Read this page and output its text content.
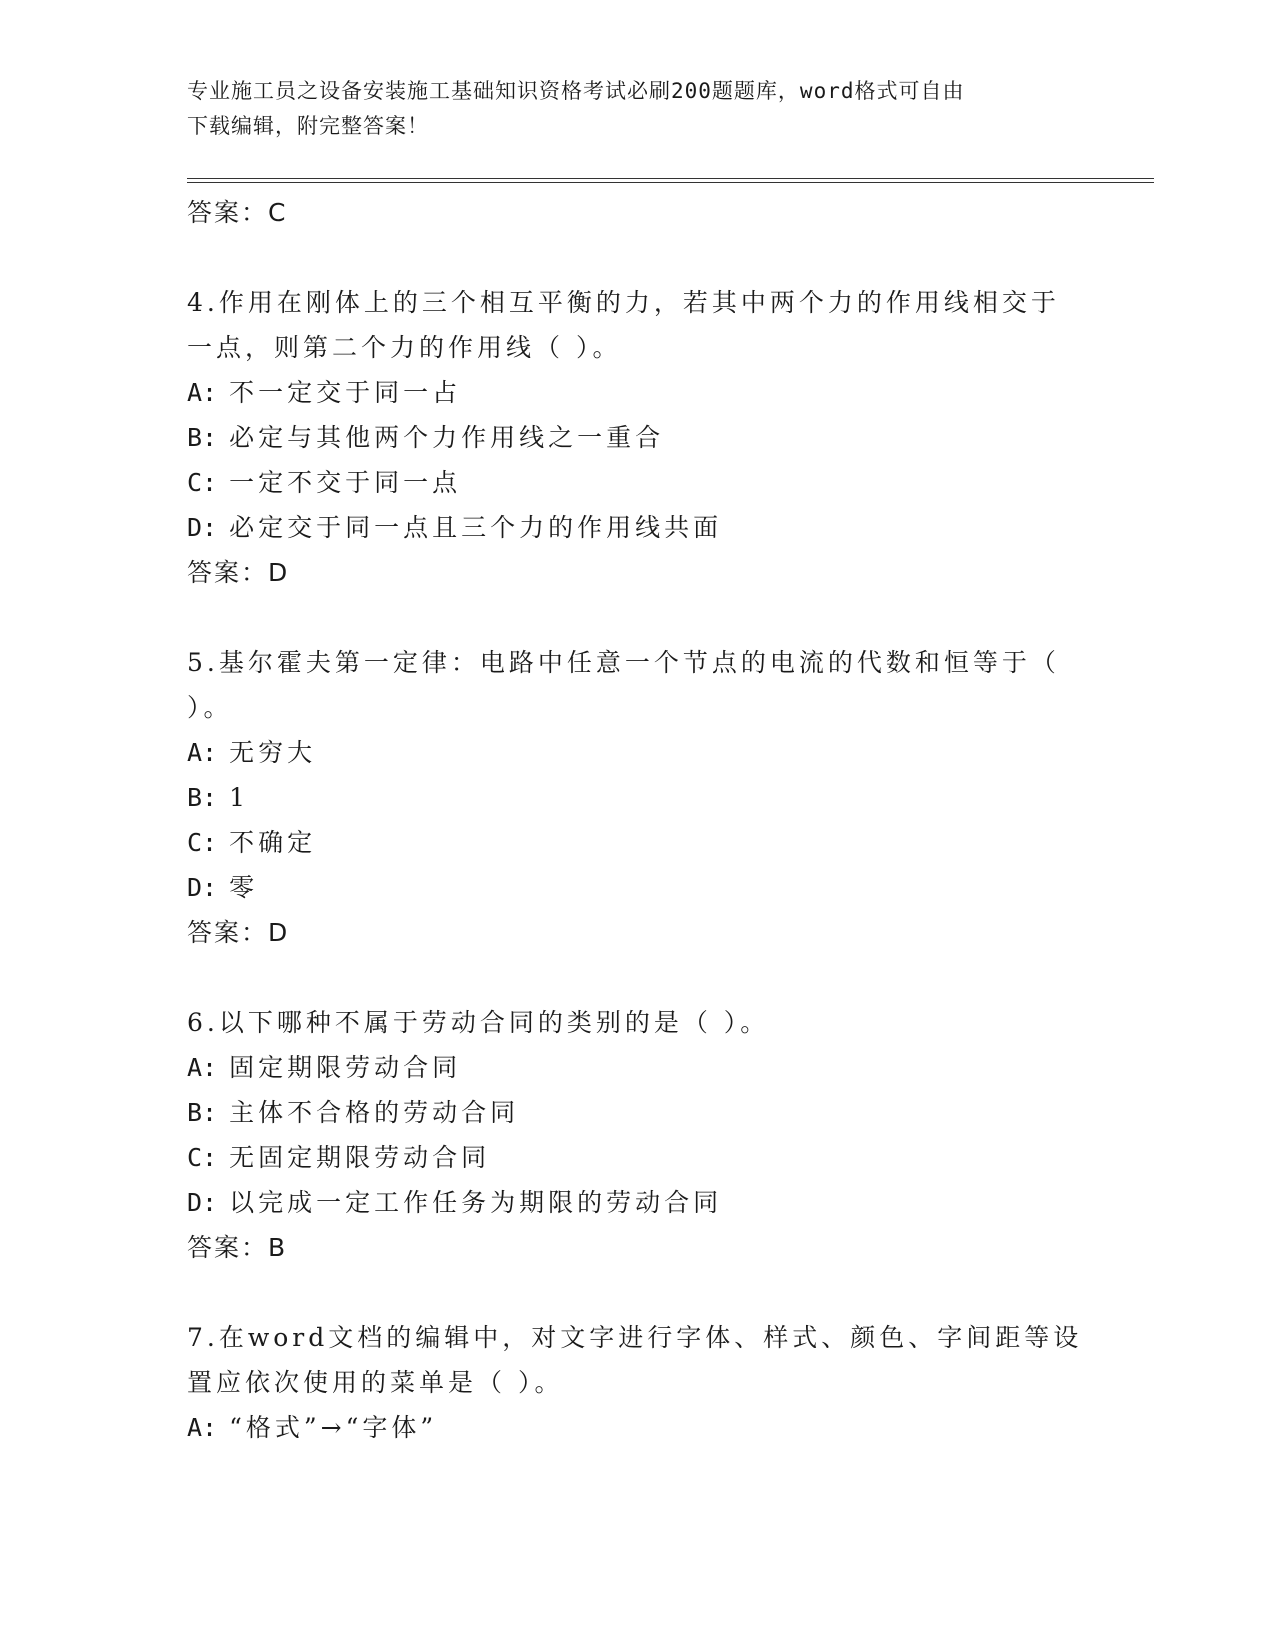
专业施工员之设备安装施工基础知识资格考试必刷200题题库，word格式可自由
下载编辑，附完整答案！
答案：C
4.作用在刚体上的三个相互平衡的力，若其中两个力的作用线相交于
一点，则第二个力的作用线（ ）。
A: 不一定交于同一占
B: 必定与其他两个力作用线之一重合
C: 一定不交于同一点
D: 必定交于同一点且三个力的作用线共面
答案：D
5.基尔霍夫第一定律：电路中任意一个节点的电流的代数和恒等于（
）。
A: 无穷大
B: 1
C: 不确定
D: 零
答案：D
6.以下哪种不属于劳动合同的类别的是（ ）。
A: 固定期限劳动合同
B: 主体不合格的劳动合同
C: 无固定期限劳动合同
D: 以完成一定工作任务为期限的劳动合同
答案：B
7.在word文档的编辑中，对文字进行字体、样式、颜色、字间距等设
置应依次使用的菜单是（ ）。
A: “格式”→“字体”
